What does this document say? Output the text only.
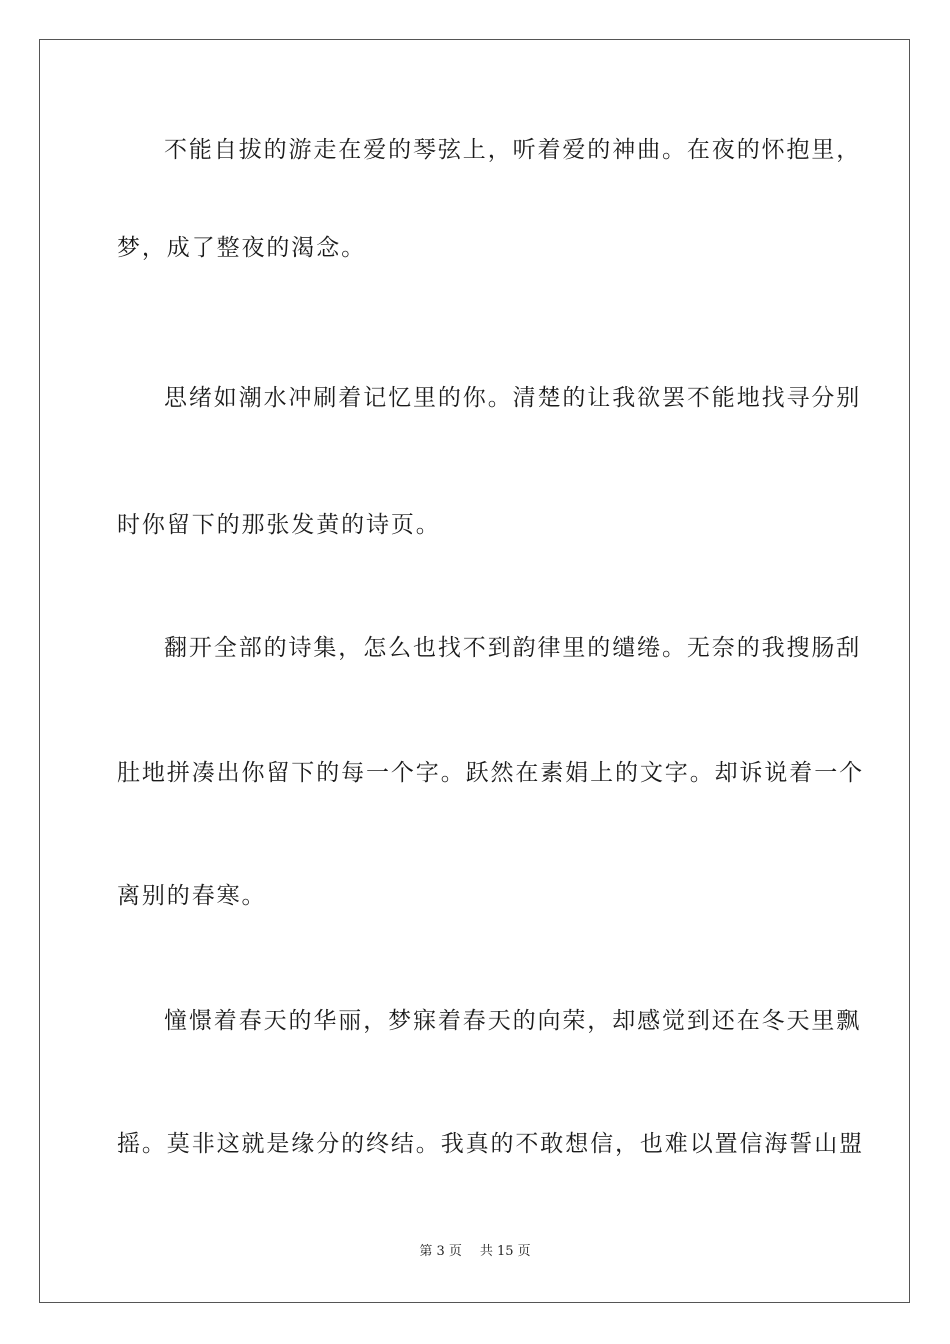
不能自拔的游走在爱的琴弦上，听着爱的神曲。在夜的怀抱里，
梦，成了整夜的渴念。
思绪如潮水冲刷着记忆里的你。清楚的让我欲罢不能地找寻分别
时你留下的那张发黄的诗页。
翻开全部的诗集，怎么也找不到韵律里的缱绻。无奈的我搜肠刮
肚地拼凑出你留下的每一个字。跃然在素娟上的文字。却诉说着一个
离别的春寒。
憧憬着春天的华丽，梦寐着春天的向荣，却感觉到还在冬天里飘
摇。莫非这就是缘分的终结。我真的不敢想信，也难以置信海誓山盟
第 3 页 共 15 页
